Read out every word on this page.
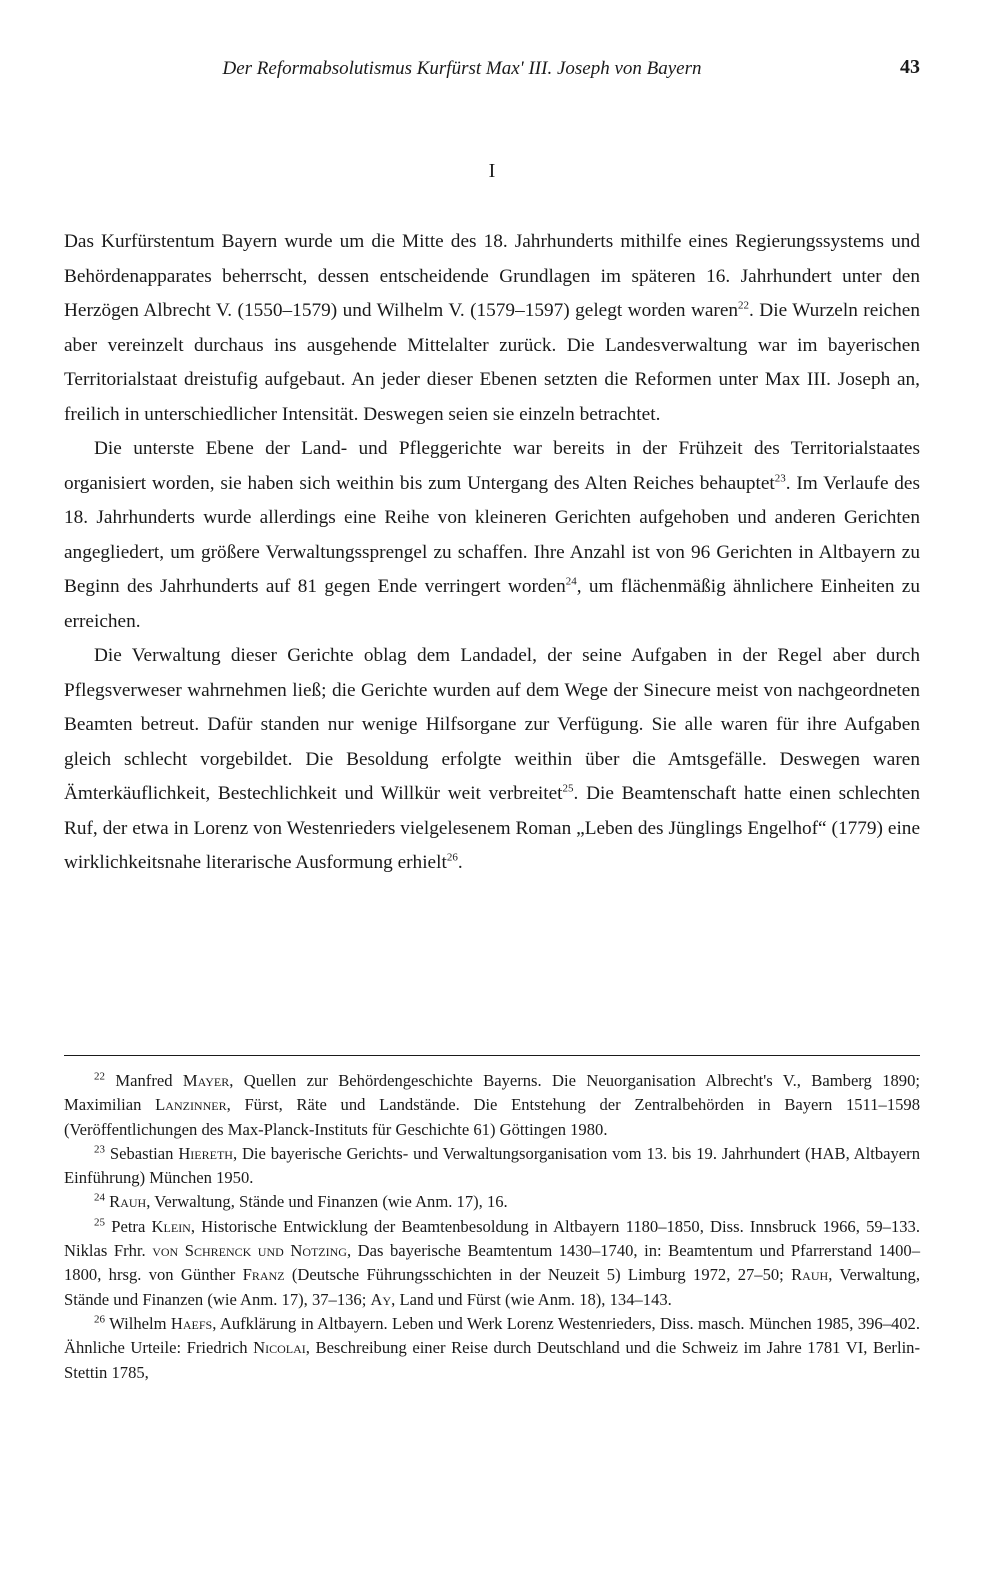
Der Reformabsolutismus Kurfürst Max' III. Joseph von Bayern	43
I

Das Kurfürstentum Bayern wurde um die Mitte des 18. Jahrhunderts mithilfe eines Regierungssystems und Behördenapparates beherrscht, dessen entscheidende Grundlagen im späteren 16. Jahrhundert unter den Herzögen Albrecht V. (1550–1579) und Wilhelm V. (1579–1597) gelegt worden waren$^{22}$. Die Wurzeln reichen aber vereinzelt durchaus ins ausgehende Mittelalter zurück. Die Landesverwaltung war im bayerischen Territorialstaat dreistufig aufgebaut. An jeder dieser Ebenen setzten die Reformen unter Max III. Joseph an, freilich in unterschiedlicher Intensität. Deswegen seien sie einzeln betrachtet.

Die unterste Ebene der Land- und Pfleggerichte war bereits in der Frühzeit des Territorialstaates organisiert worden, sie haben sich weithin bis zum Untergang des Alten Reiches behauptet$^{23}$. Im Verlaufe des 18. Jahrhunderts wurde allerdings eine Reihe von kleineren Gerichten aufgehoben und anderen Gerichten angegliedert, um größere Verwaltungssprengel zu schaffen. Ihre Anzahl ist von 96 Gerichten in Altbayern zu Beginn des Jahrhunderts auf 81 gegen Ende verringert worden$^{24}$, um flächenmäßig ähnlichere Einheiten zu erreichen.

Die Verwaltung dieser Gerichte oblag dem Landadel, der seine Aufgaben in der Regel aber durch Pflegsverweser wahrnehmen ließ; die Gerichte wurden auf dem Wege der Sinecure meist von nachgeordneten Beamten betreut. Dafür standen nur wenige Hilfsorgane zur Verfügung. Sie alle waren für ihre Aufgaben gleich schlecht vorgebildet. Die Besoldung erfolgte weithin über die Amtsgefälle. Deswegen waren Ämterkäuflichkeit, Bestechlichkeit und Willkür weit verbreitet$^{25}$. Die Beamtenschaft hatte einen schlechten Ruf, der etwa in Lorenz von Westenrieders vielgelesenem Roman „Leben des Jünglings Engelhof“ (1779) eine wirklichkeitsnahe literarische Ausformung erhielt$^{26}$.

$^{22}$ Manfred Mayer, Quellen zur Behördengeschichte Bayerns. Die Neuorganisation Albrecht's V., Bamberg 1890; Maximilian Lanzinner, Fürst, Räte und Landstände. Die Entstehung der Zentralbehörden in Bayern 1511–1598 (Veröffentlichungen des Max-Planck-Instituts für Geschichte 61) Göttingen 1980.

$^{23}$ Sebastian Hiereth, Die bayerische Gerichts- und Verwaltungsorganisation vom 13. bis 19. Jahrhundert (HAB, Altbayern Einführung) München 1950.

$^{24}$ Rauh, Verwaltung, Stände und Finanzen (wie Anm. 17), 16.

$^{25}$ Petra Klein, Historische Entwicklung der Beamtenbesoldung in Altbayern 1180–1850, Diss. Innsbruck 1966, 59–133. Niklas Frhr. von Schrenck und Notzing, Das bayerische Beamtentum 1430–1740, in: Beamtentum und Pfarrerstand 1400–1800, hrsg. von Günther Franz (Deutsche Führungsschichten in der Neuzeit 5) Limburg 1972, 27–50; Rauh, Verwaltung, Stände und Finanzen (wie Anm. 17), 37–136; Ay, Land und Fürst (wie Anm. 18), 134–143.

$^{26}$ Wilhelm Haefs, Aufklärung in Altbayern. Leben und Werk Lorenz Westenrieders, Diss. masch. München 1985, 396–402. Ähnliche Urteile: Friedrich Nicolai, Beschreibung einer Reise durch Deutschland und die Schweiz im Jahre 1781 VI, Berlin-Stettin 1785,
